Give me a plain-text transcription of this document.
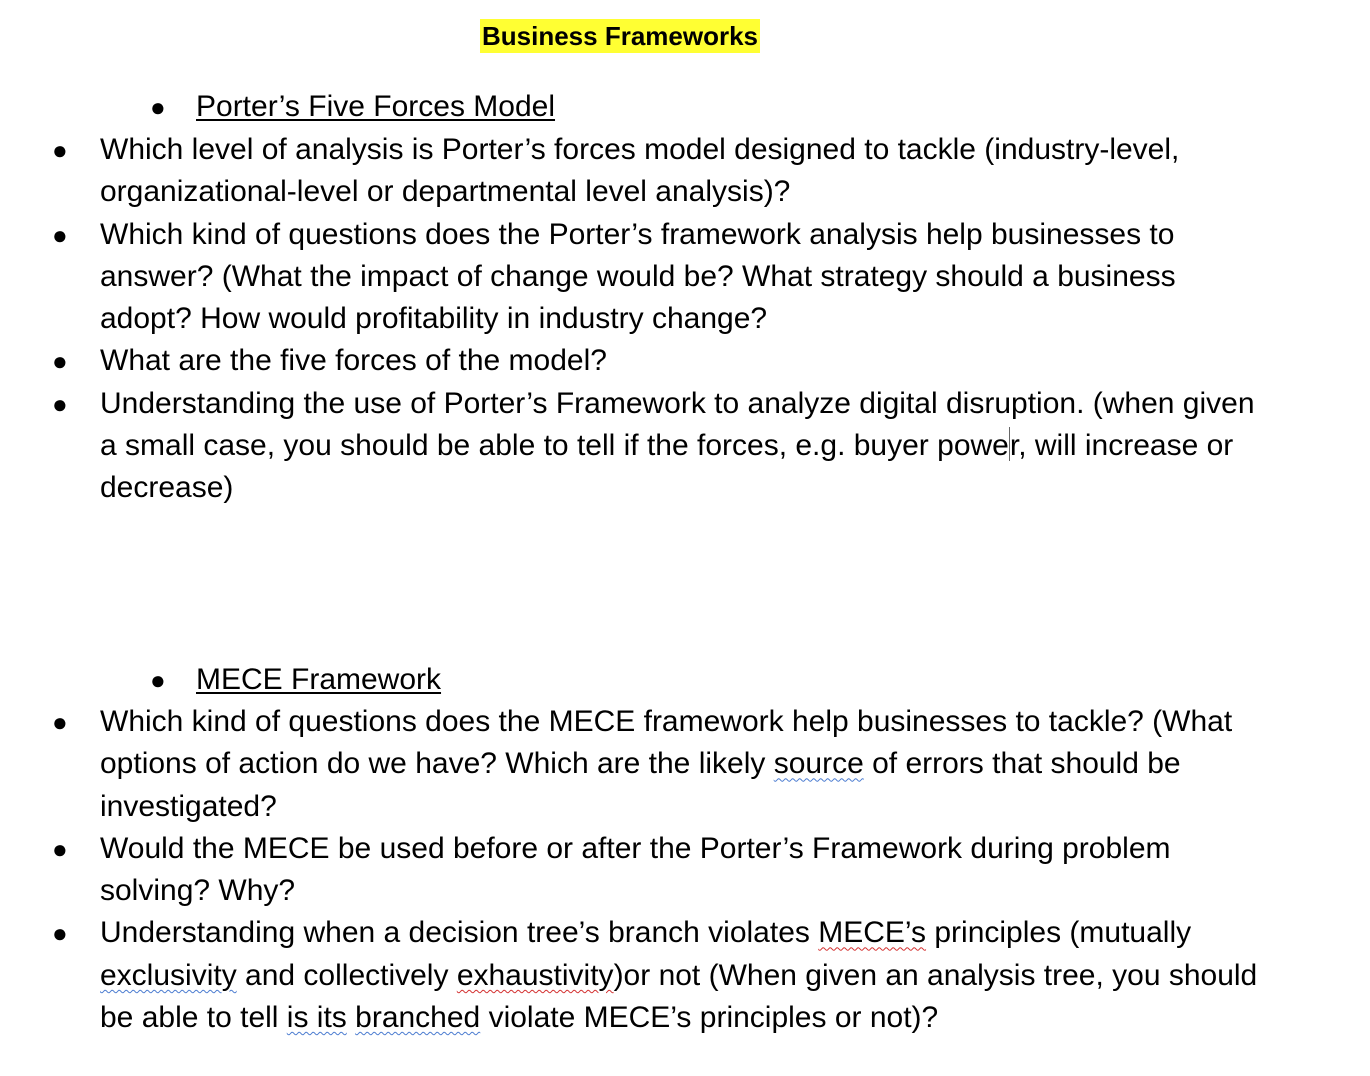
Business Frameworks
● Porter’s Five Forces Model
● Which level of analysis is Porter’s forces model designed to tackle (industry-level, organizational-level or departmental level analysis)?
● Which kind of questions does the Porter’s framework analysis help businesses to answer? (What the impact of change would be? What strategy should a business adopt? How would profitability in industry change?
● What are the five forces of the model?
● Understanding the use of Porter’s Framework to analyze digital disruption. (when given a small case, you should be able to tell if the forces, e.g. buyer power, will increase or decrease)
● MECE Framework
● Which kind of questions does the MECE framework help businesses to tackle? (What options of action do we have? Which are the likely source of errors that should be investigated?
● Would the MECE be used before or after the Porter’s Framework during problem solving? Why?
● Understanding when a decision tree’s branch violates MECE’s principles (mutually exclusivity and collectively exhaustivity)or not (When given an analysis tree, you should be able to tell is its branched violate MECE’s principles or not)?
